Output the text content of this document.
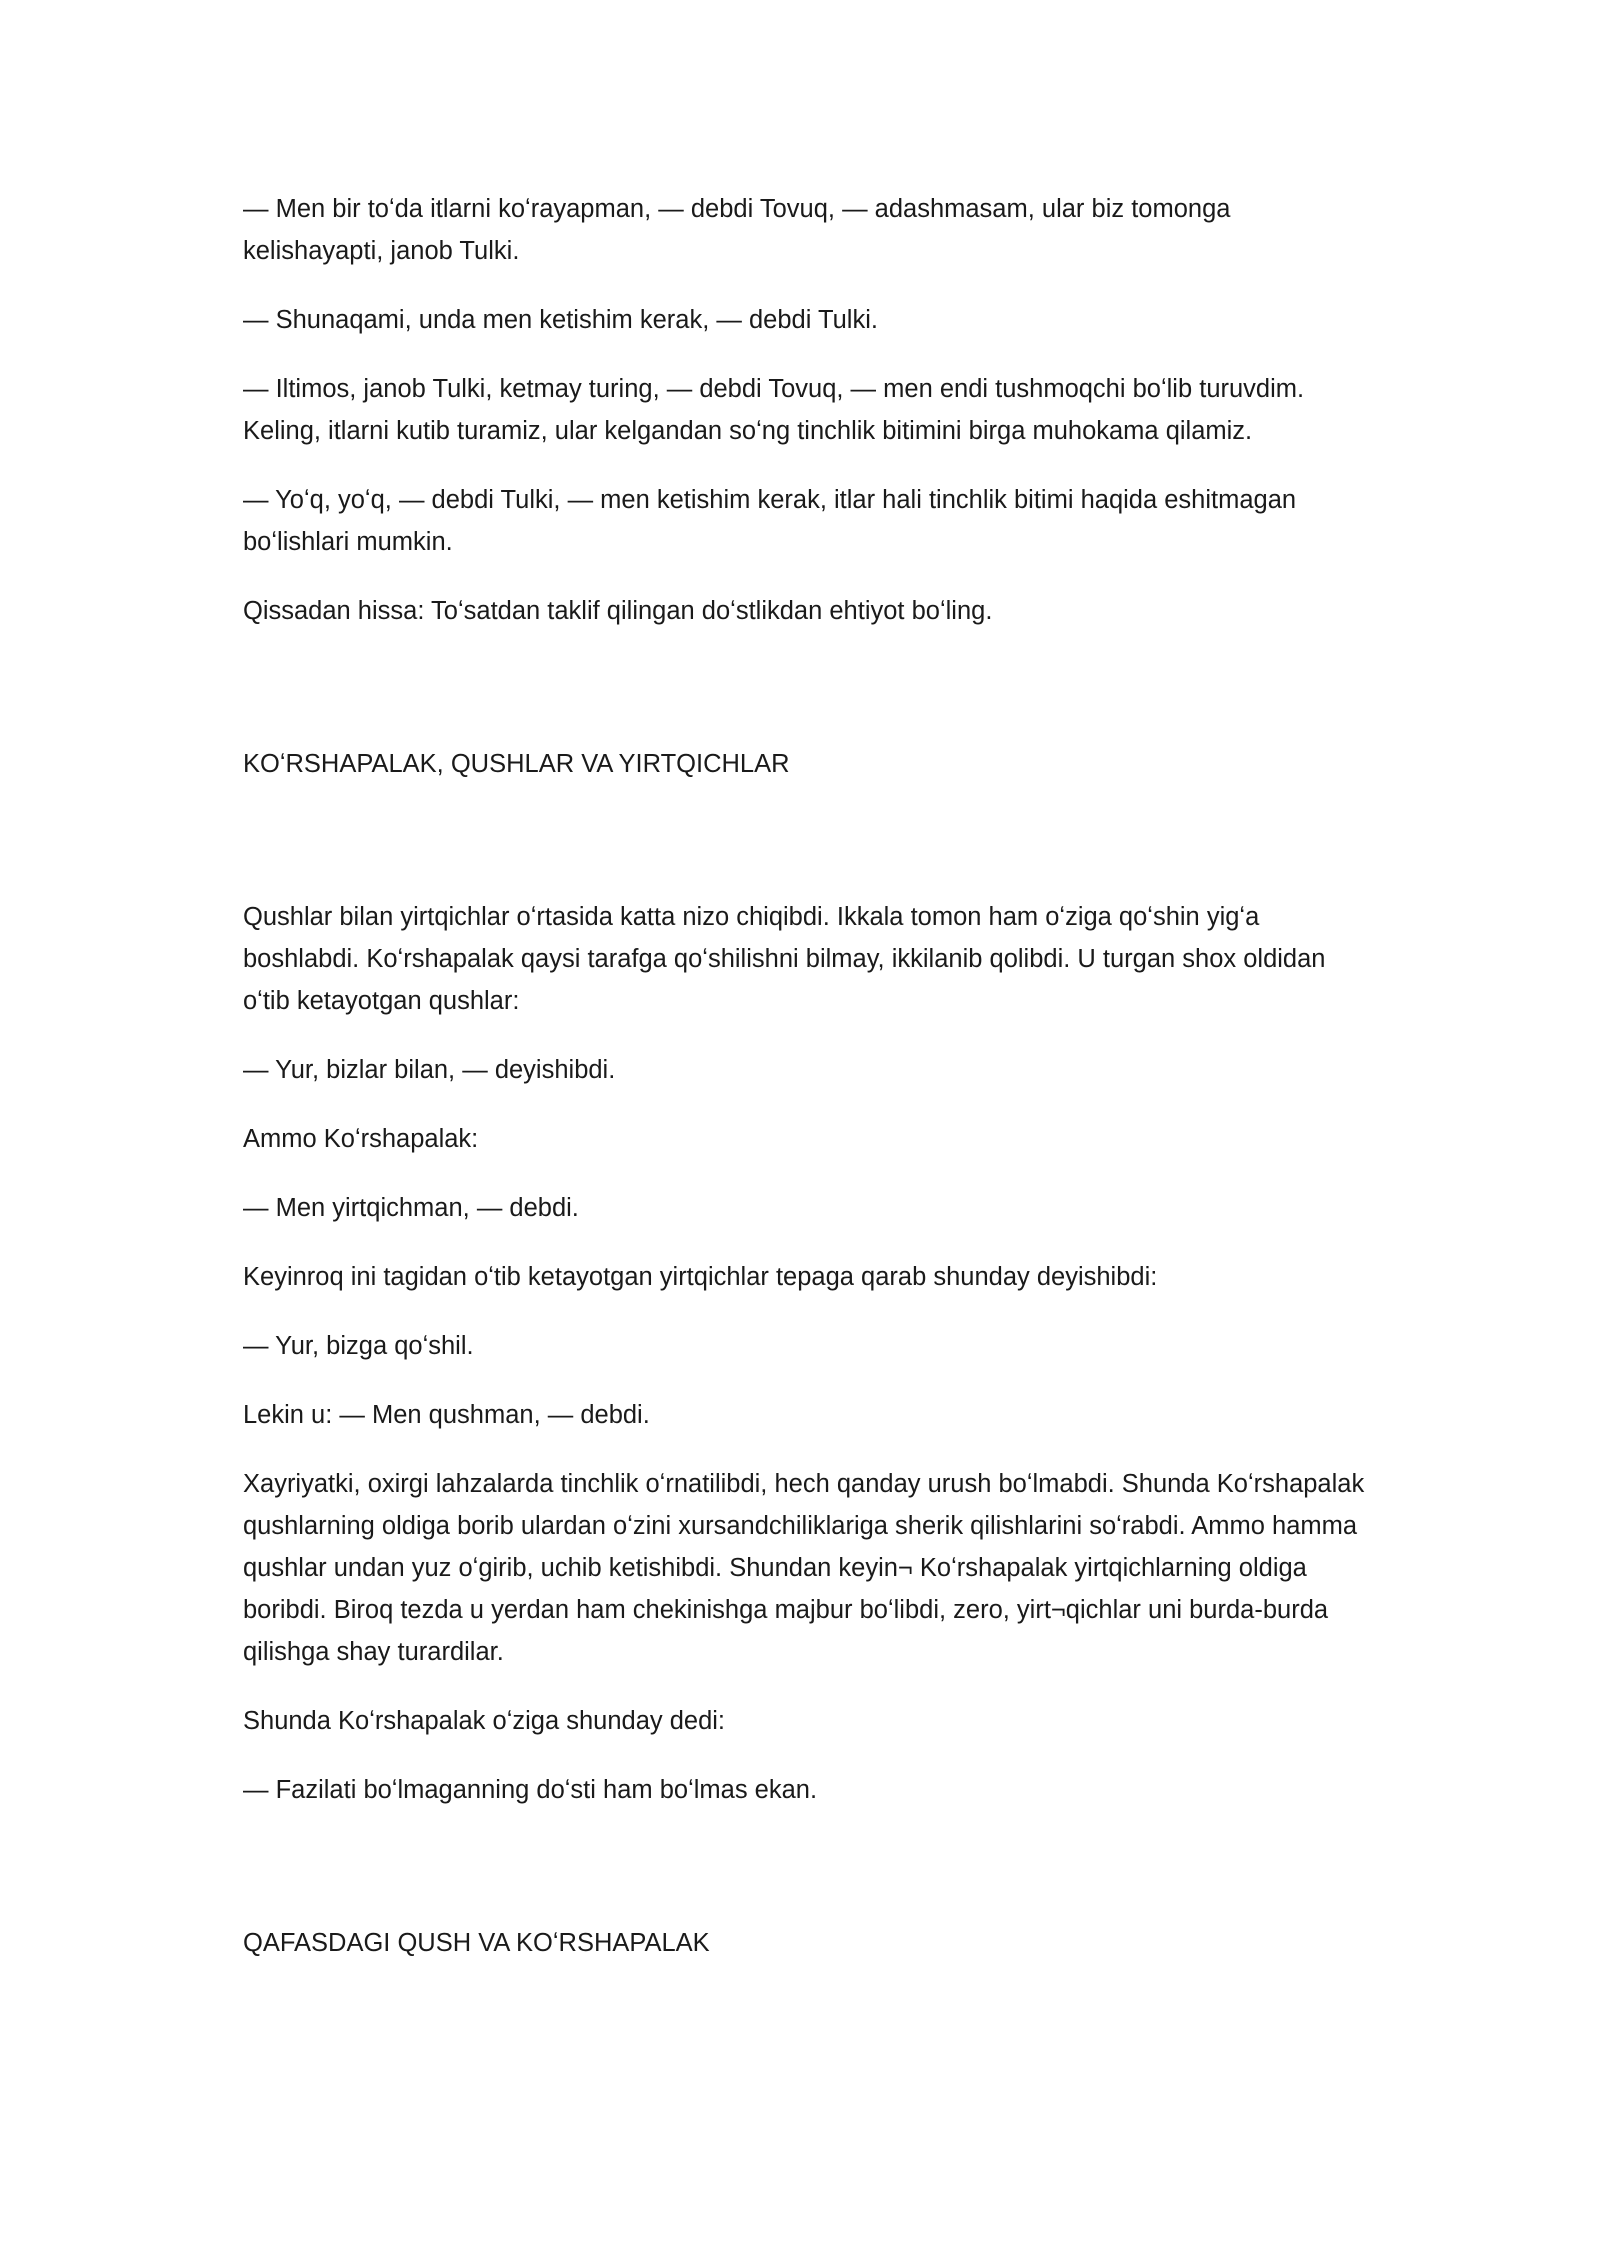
— Men bir toʻda itlarni koʻrayapman, — debdi Tovuq, — adashmasam, ular biz tomonga kelishayapti, janob Tulki.

— Shunaqami, unda men ketishim kerak, — debdi Tulki.

— Iltimos, janob Tulki, ketmay turing, — debdi Tovuq, — men endi tushmoqchi boʻlib turuvdim. Keling, itlarni kutib turamiz, ular kelgandan soʻng tinchlik bitimini birga muhokama qilamiz.

— Yoʻq, yoʻq, — debdi Tulki, — men ketishim kerak, itlar hali tinchlik bitimi haqida eshitmagan boʻlishlari mumkin.

Qissadan hissa: Toʻsatdan taklif qilingan doʻstlikdan ehtiyot boʻling.

KOʻRSHAPALAK, QUSHLAR VA YIRTQICHLAR

Qushlar bilan yirtqichlar oʻrtasida katta nizo chiqibdi. Ikkala tomon ham oʻziga qoʻshin yigʻa boshlabdi. Koʻrshapalak qaysi tarafga qoʻshilishni bilmay, ikkilanib qolibdi. U turgan shox oldidan oʻtib ketayotgan qushlar:

— Yur, bizlar bilan, — deyishibdi.

Ammo Koʻrshapalak:

— Men yirtqichman, — debdi.

Keyinroq ini tagidan oʻtib ketayotgan yirtqichlar tepaga qarab shunday deyishibdi:

— Yur, bizga qoʻshil.

Lekin u: — Men qushman, — debdi.

Xayriyatki, oxirgi lahzalarda tinchlik oʻrnatilibdi, hech qanday urush boʻlmabdi. Shunda Koʻrshapalak qushlarning oldiga borib ulardan oʻzini xursandchiliklariga sherik qilishlarini soʻrabdi. Ammo hamma qushlar undan yuz oʻgirib, uchib ketishibdi. Shundan keyin¬ Koʻrshapalak yirtqichlarning oldiga boribdi. Biroq tezda u yerdan ham chekinishga majbur boʻlibdi, zero, yirt¬qichlar uni burda-burda qilishga shay turardilar.

Shunda Koʻrshapalak oʻziga shunday dedi:

— Fazilati boʻlmaganning doʻsti ham boʻlmas ekan.

QAFASDAGI QUSH VA KOʻRSHAPALAK
